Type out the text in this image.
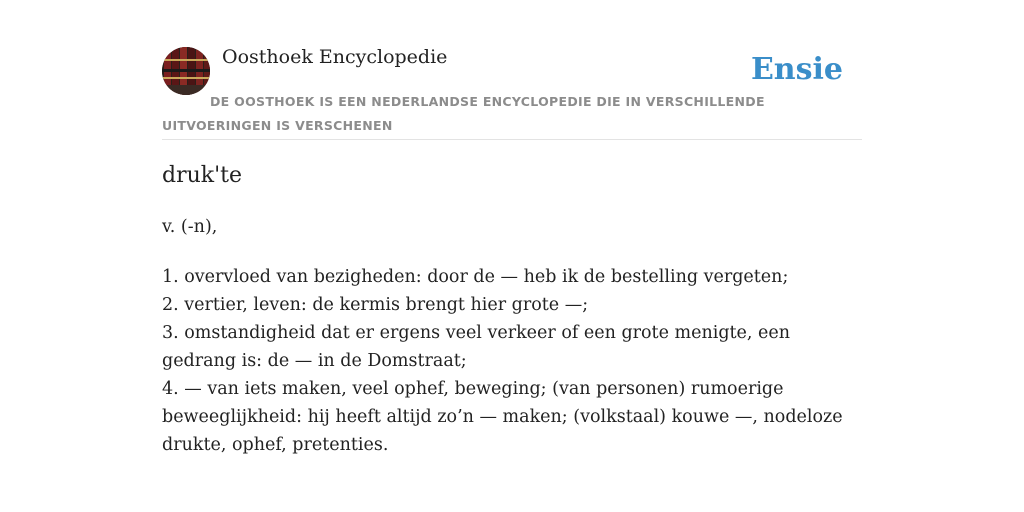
Oosthoek Encyclopedie	Ensie
DE OOSTHOEK IS EEN NEDERLANDSE ENCYCLOPEDIE DIE IN VERSCHILLENDE UITVOERINGEN IS VERSCHENEN
druk'te
v. (-n),
1. overvloed van bezigheden: door de — heb ik de bestelling vergeten;
2. vertier, leven: de kermis brengt hier grote —;
3. omstandigheid dat er ergens veel verkeer of een grote menigte, een gedrang is: de — in de Domstraat;
4. — van iets maken, veel ophef, beweging; (van personen) rumoerige beweeglijkheid: hij heeft altijd zo’n — maken; (volkstaal) kouwe —, nodeloze drukte, ophef, pretenties.
